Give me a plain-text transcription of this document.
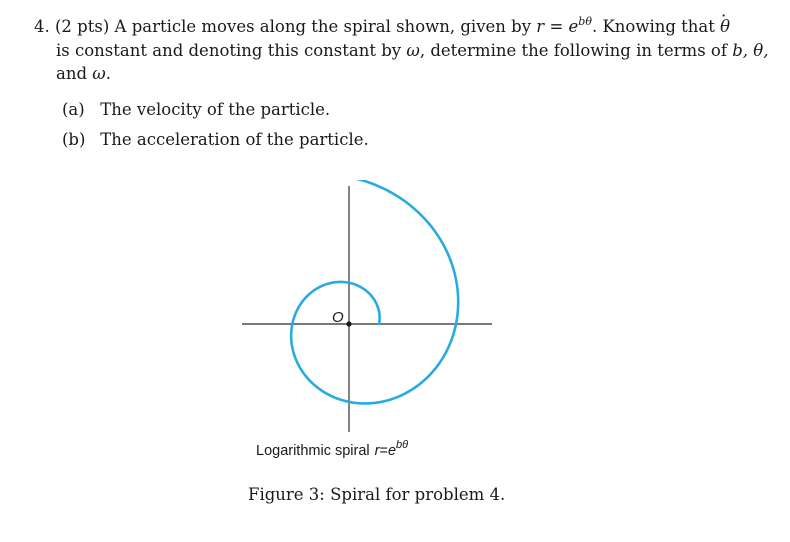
4. (2 pts) A particle moves along the spiral shown, given by $r = e^{b\theta}$. Knowing that · θ
is constant and denoting this constant by ω, determine the following in terms of b, θ,
and ω.
(a) The velocity of the particle.
(b) The acceleration of the particle.
O
Logarithmic spiral $r=e^{b\theta}$
Figure 3: Spiral for problem 4.
